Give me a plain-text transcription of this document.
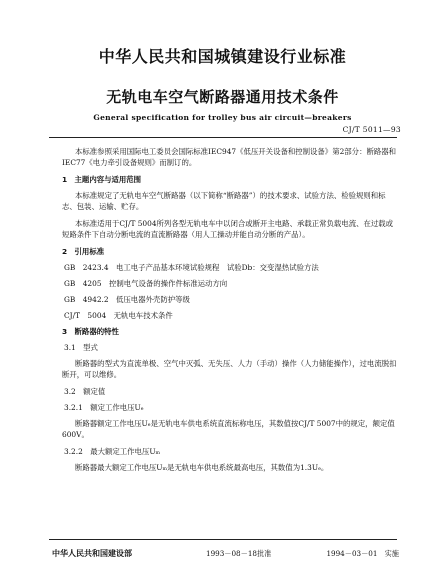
中华人民共和国城镇建设行业标准
无轨电车空气断路器通用技术条件
General specification for trolley bus air circuit—breakers
CJ/T 5011—93

本标准参照采用国际电工委员会国际标准IEC947《低压开关设备和控制设备》第2部分：断路器和IEC77《电力牵引设备规则》而制订的。

1　主题内容与适用范围

本标准规定了无轨电车空气断路器（以下简称“断路器”）的技术要求、试验方法、检验规则和标志、包装、运输、贮存。

本标准适用于CJ/T 5004所列各型无轨电车中以闭合或断开主电路、承载正常负载电流、在过载或短路条件下自动分断电流的直流断路器（用人工操动并能自动分断的产品）。

2　引用标准

GB　2423.4　电工电子产品基本环境试验规程　试验Db：交变湿热试验方法

GB　4205　控制电气设备的操作件标准运动方向

GB　4942.2　低压电器外壳防护等级

CJ/T　5004　无轨电车技术条件

3　断路器的特性

3.1　型式

断路器的型式为直流单极、空气中灭弧、无失压、人力（手动）操作（人力储能操作），过电流脱扣断开，可以维修。

3.2　额定值

3.2.1　额定工作电压Uₑ

断路器额定工作电压Uₑ是无轨电车供电系统直流标称电压，其数值按CJ/T 5007中的规定，额定值600V。

3.2.2　最大额定工作电压Uₘ

断路器最大额定工作电压Uₘ是无轨电车供电系统最高电压，其数值为1.3Uₑ。

中华人民共和国建设部	1993－08－18批准	1994－03－01　实施
